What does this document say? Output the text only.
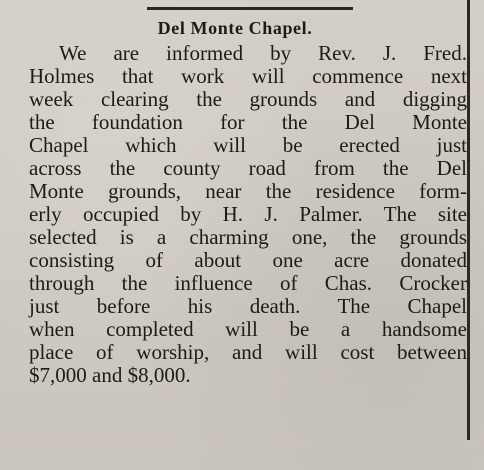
Del Monte Chapel.
We are informed by Rev. J. Fred.
Holmes that work will commence next
week clearing the grounds and digging
the foundation for the Del Monte
Chapel which will be erected just
across the county road from the Del
Monte grounds, near the residence form-
erly occupied by H. J. Palmer. The site
selected is a charming one, the grounds
consisting of about one acre donated
through the influence of Chas. Crocker
just before his death. The Chapel
when completed will be a handsome
place of worship, and will cost between
$7,000 and $8,000.
